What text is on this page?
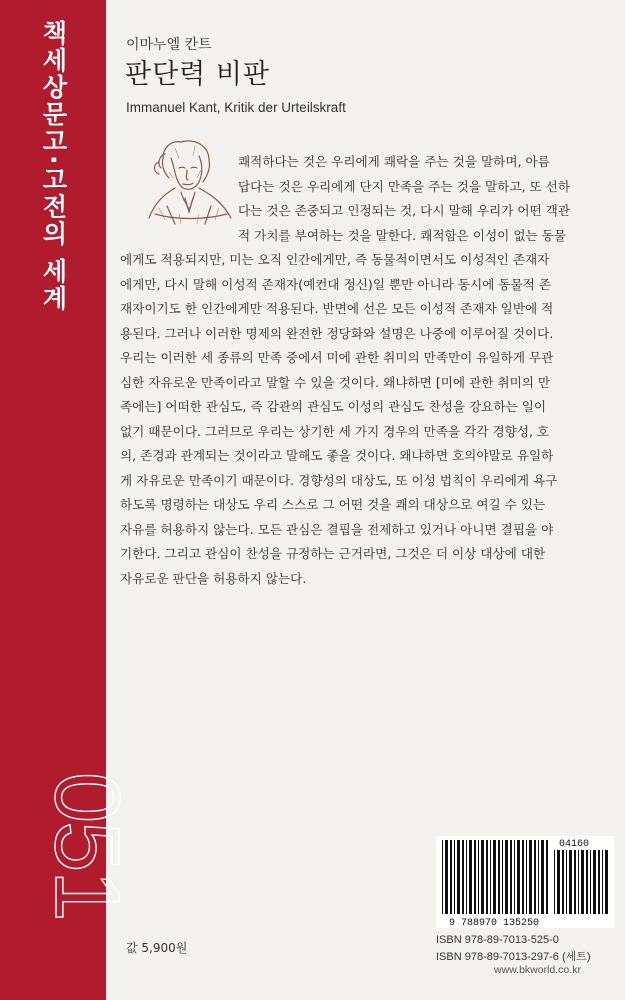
책세상문고·고전의 세계
051
이마누엘 칸트
판단력 비판
Immanuel Kant, Kritik der Urteilskraft
쾌적하다는 것은 우리에게 쾌락을 주는 것을 말하며, 아름
답다는 것은 우리에게 단지 만족을 주는 것을 말하고, 또 선하
다는 것은 존중되고 인정되는 것, 다시 말해 우리가 어떤 객관
적 가치를 부여하는 것을 말한다. 쾌적함은 이성이 없는 동물
에게도 적용되지만, 미는 오직 인간에게만, 즉 동물적이면서도 이성적인 존재자
에게만, 다시 말해 이성적 존재자(예컨대 정신)일 뿐만 아니라 동시에 동물적 존
재자이기도 한 인간에게만 적용된다. 반면에 선은 모든 이성적 존재자 일반에 적
용된다. 그러나 이러한 명제의 완전한 정당화와 설명은 나중에 이루어질 것이다.
우리는 이러한 세 종류의 만족 중에서 미에 관한 취미의 만족만이 유일하게 무관
심한 자유로운 만족이라고 말할 수 있을 것이다. 왜냐하면 [미에 관한 취미의 만
족에는] 어떠한 관심도, 즉 감관의 관심도 이성의 관심도 찬성을 강요하는 일이
없기 때문이다. 그러므로 우리는 상기한 세 가지 경우의 만족을 각각 경향성, 호
의, 존경과 관계되는 것이라고 말해도 좋을 것이다. 왜냐하면 호의야말로 유일하
게 자유로운 만족이기 때문이다. 경향성의 대상도, 또 이성 법칙이 우리에게 욕구
하도록 명령하는 대상도 우리 스스로 그 어떤 것을 쾌의 대상으로 여길 수 있는
자유를 허용하지 않는다. 모든 관심은 결핍을 전제하고 있거나 아니면 결핍을 야
기한다. 그리고 관심이 찬성을 규정하는 근거라면, 그것은 더 이상 대상에 대한
자유로운 판단을 허용하지 않는다.
04160
9 788970 135250
값 5,900원
ISBN 978-89-7013-525-0
ISBN 978-89-7013-297-6 (세트)
www.bkworld.co.kr
